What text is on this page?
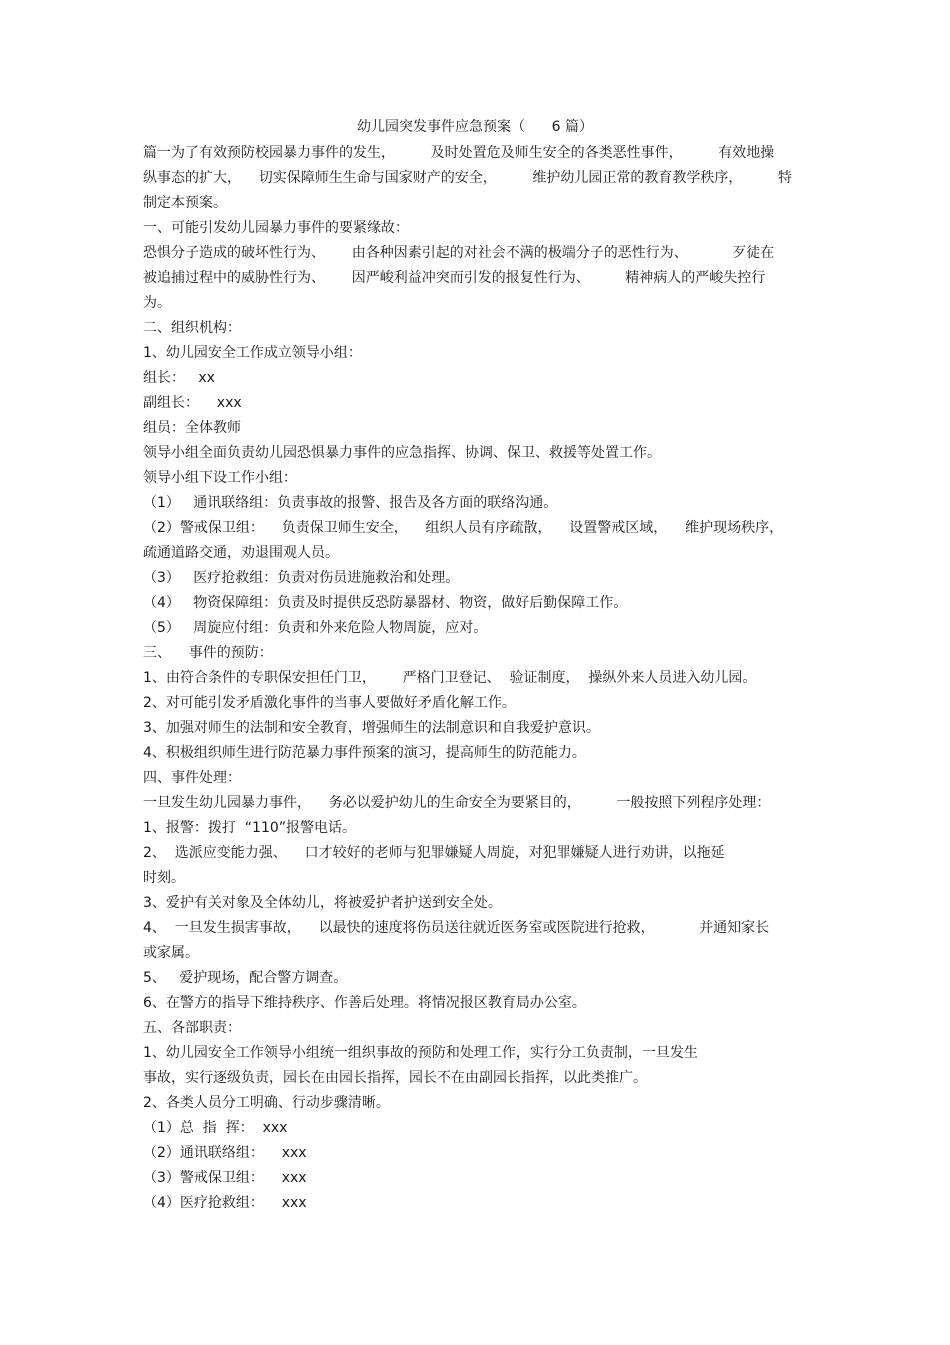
幼儿园突发事件应急预案（      6 篇）
篇一为了有效预防校园暴力事件的发生，        及时处置危及师生安全的各类恶性事件，        有效地操
纵事态的扩大，    切实保障师生生命与国家财产的安全，        维护幼儿园正常的教育教学秩序，        特
制定本预案。
一、可能引发幼儿园暴力事件的要紧缘故：
恐惧分子造成的破坏性行为、      由各种因素引起的对社会不满的极端分子的恶性行为、          歹徒在
被追捕过程中的威胁性行为、      因严峻利益冲突而引发的报复性行为、        精神病人的严峻失控行
为。
二、组织机构：
1、幼儿园安全工作成立领导小组：
组长：   xx
副组长：    xxx
组员：全体教师
领导小组全面负责幼儿园恐惧暴力事件的应急指挥、协调、保卫、救援等处置工作。
领导小组下设工作小组：
（1）   通讯联络组：负责事故的报警、报告及各方面的联络沟通。
（2）警戒保卫组：    负责保卫师生安全，    组织人员有序疏散，    设置警戒区域，    维护现场秩序，
疏通道路交通，劝退围观人员。
（3）   医疗抢救组：负责对伤员进施救治和处理。
（4）   物资保障组：负责及时提供反恐防暴器材、物资，做好后勤保障工作。
（5）   周旋应付组：负责和外来危险人物周旋，应对。
三、    事件的预防：
1、由符合条件的专职保安担任门卫，      严格门卫登记、  验证制度，  操纵外来人员进入幼儿园。
2、对可能引发矛盾激化事件的当事人要做好矛盾化解工作。
3、加强对师生的法制和安全教育，增强师生的法制意识和自我爱护意识。
4、积极组织师生进行防范暴力事件预案的演习，提高师生的防范能力。
四、事件处理：
一旦发生幼儿园暴力事件，    务必以爱护幼儿的生命安全为要紧目的，        一般按照下列程序处理：
1、报警：拨打  “110”报警电话。
2、  选派应变能力强、    口才较好的老师与犯罪嫌疑人周旋，对犯罪嫌疑人进行劝讲，以拖延
时刻。
3、爱护有关对象及全体幼儿，将被爱护者护送到安全处。
4、  一旦发生损害事故，    以最快的速度将伤员送往就近医务室或医院进行抢救，          并通知家长
或家属。
5、   爱护现场，配合警方调查。
6、在警方的指导下维持秩序、作善后处理。将情况报区教育局办公室。
五、各部职责：
1、幼儿园安全工作领导小组统一组织事故的预防和处理工作，实行分工负责制，一旦发生
事故，实行逐级负责，园长在由园长指挥，园长不在由副园长指挥，以此类推广。
2、各类人员分工明确、行动步骤清晰。
（1）总  指  挥：  xxx
（2）通讯联络组：    xxx
（3）警戒保卫组：    xxx
（4）医疗抢救组：    xxx
